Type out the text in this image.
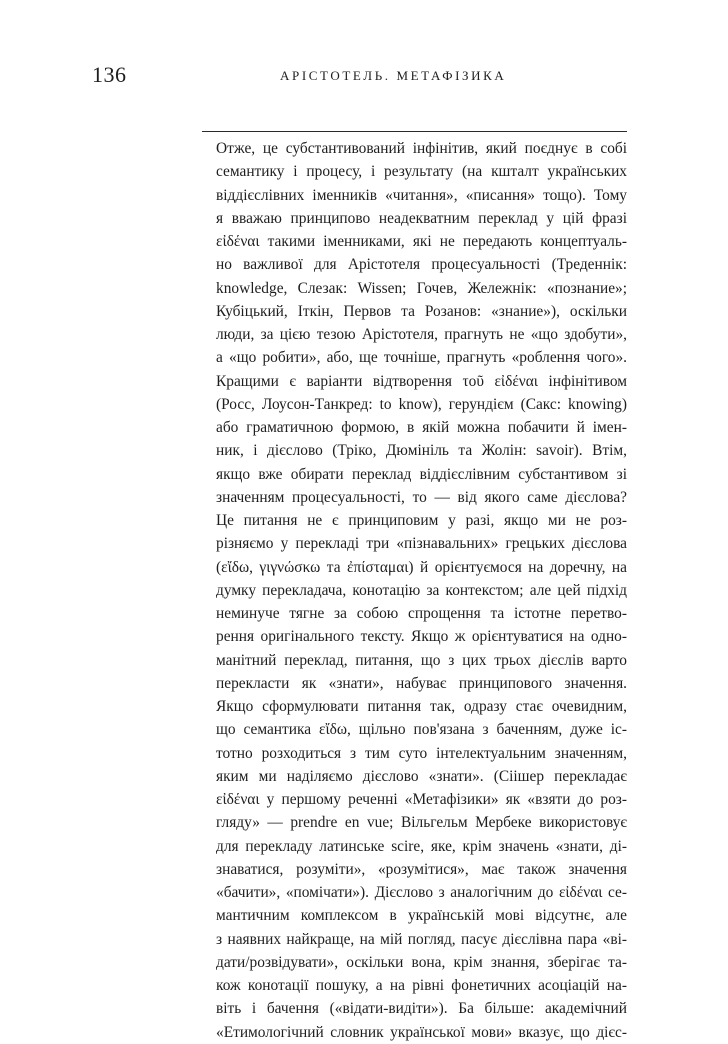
136	АРІСТОТЕЛЬ. МЕТАФІЗИКА
Отже, це субстантивований інфінітив, який поєднує в собі
семантику і процесу, і результату (на кшталт українських
віддієслівних іменників «читання», «писання» тощо). Тому
я вважаю принципово неадекватним переклад у цій фразі
εἰδέναι такими іменниками, які не передають концептуаль-
но важливої для Арістотеля процесуальності (Треденнік:
knowledge, Слезак: Wissen; Гочев, Жележнік: «познание»;
Кубіцький, Іткін, Первов та Розанов: «знание»), оскільки
люди, за цією тезою Арістотеля, прагнуть не «що здобути»,
а «що робити», або, ще точніше, прагнуть «роблення чого».
Кращими є варіанти відтворення τοῦ εἰδέναι інфінітивом
(Росс, Лоусон-Танкред: to know), герундієм (Сакс: knowing)
або граматичною формою, в якій можна побачити й імен-
ник, і дієслово (Тріко, Дюмініль та Жолін: savoir). Втім,
якщо вже обирати переклад віддієслівним субстантивом зі
значенням процесуальності, то — від якого саме дієслова?
Це питання не є принциповим у разі, якщо ми не роз-
різняємо у перекладі три «пізнавальних» грецьких дієслова
(εἴδω, γιγνώσκω та ἐπίσταμαι) й орієнтуємося на доречну, на
думку перекладача, конотацію за контекстом; але цей підхід
неминуче тягне за собою спрощення та істотне перетво-
рення оригінального тексту. Якщо ж орієнтуватися на одно-
манітний переклад, питання, що з цих трьох дієслів варто
перекласти як «знати», набуває принципового значення.
Якщо сформулювати питання так, одразу стає очевидним,
що семантика εἴδω, щільно пов'язана з баченням, дуже іс-
тотно розходиться з тим суто інтелектуальним значенням,
яким ми наділяємо дієслово «знати». (Сіішер перекладає
εἰδέναι у першому реченні «Метафізики» як «взяти до роз-
гляду» — prendre en vue; Вільгельм Мербеке використовує
для перекладу латинське scire, яке, крім значень «знати, ді-
знаватися, розуміти», «розумітися», має також значення
«бачити», «помічати»). Дієслово з аналогічним до εἰδέναι се-
мантичним комплексом в українській мові відсутнє, але
з наявних найкраще, на мій погляд, пасує дієслівна пара «ві-
дати/розвідувати», оскільки вона, крім знання, зберігає та-
кож конотації пошуку, а на рівні фонетичних асоціацій на-
віть і бачення («відати-видіти»). Ба більше: академічний
«Етимологічний словник української мови» вказує, що дієс-
